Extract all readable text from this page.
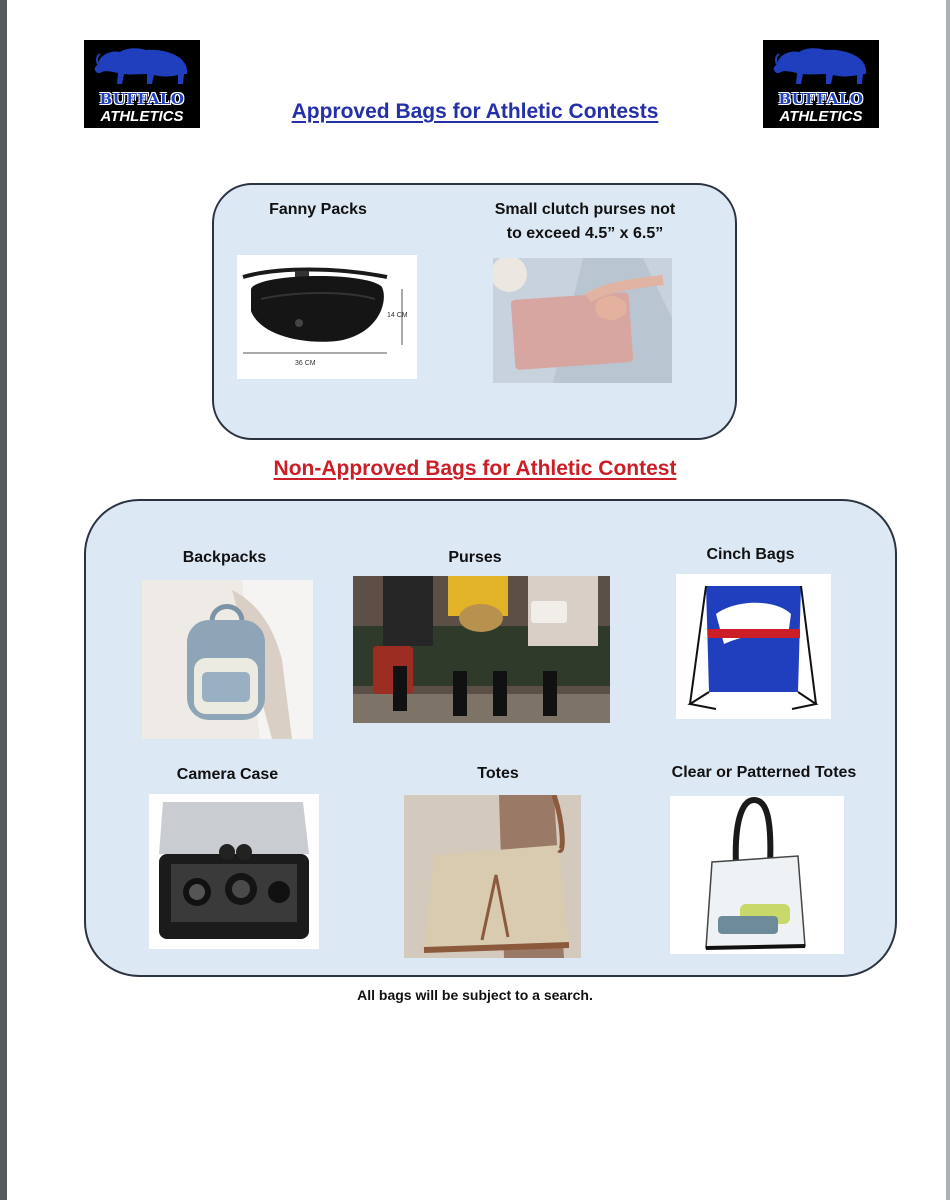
BUFFALO
ATHLETICS
BUFFALO
ATHLETICS
Approved Bags for Athletic Contests
Fanny Packs
36 CM
14 CM
Small clutch purses not
to exceed 4.5” x 6.5”
Non-Approved Bags for Athletic Contest
Backpacks	Purses	Cinch Bags
Camera Case	Totes	Clear or Patterned Totes
All bags will be subject to a search.
